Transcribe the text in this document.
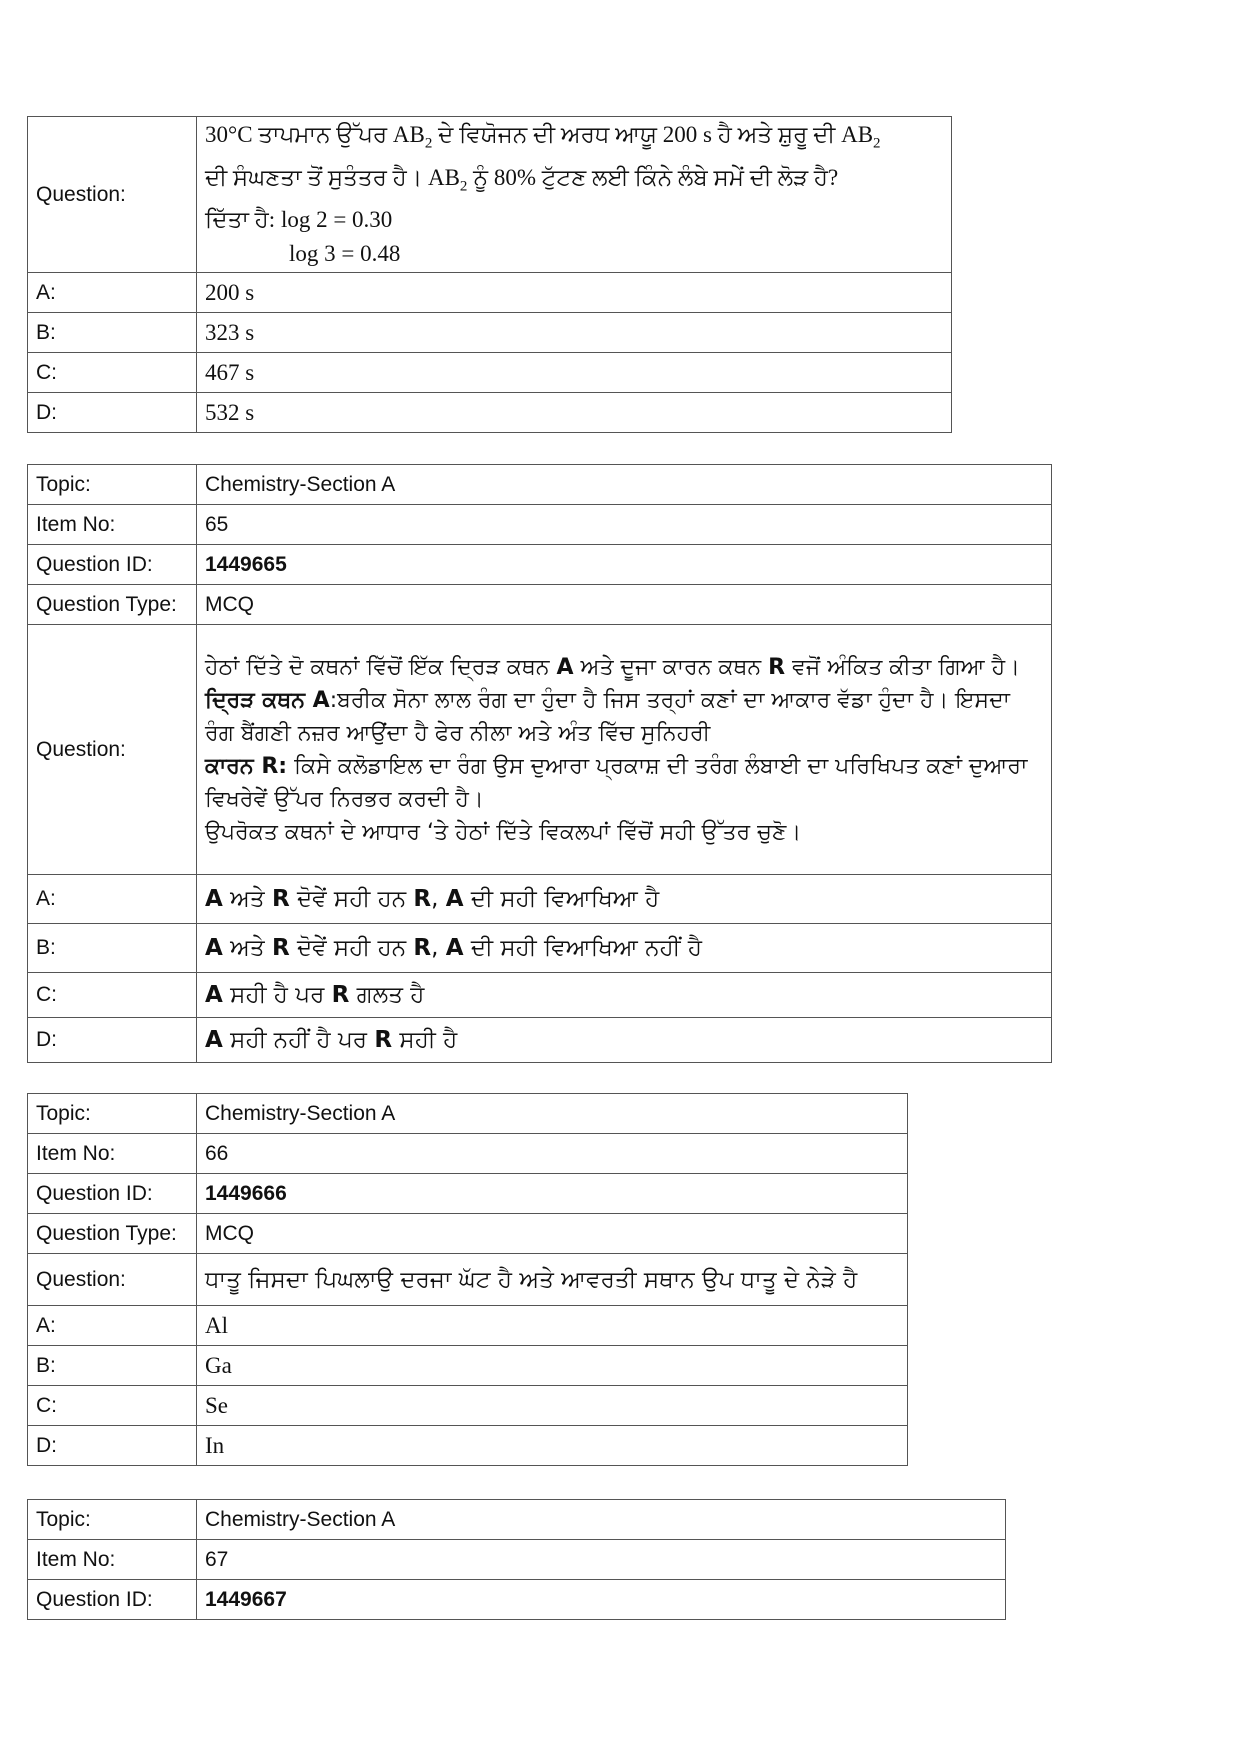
Question:	30°C ਤਾਪਮਾਨ ਉੱਪਰ $AB_2$ ਦੇ ਵਿਯੋਜਨ ਦੀ ਅਰਧ ਆਯੂ 200 s ਹੈ ਅਤੇ ਸ਼ੁਰੂ ਦੀ $AB_2$
ਦੀ ਸੰਘਣਤਾ ਤੋਂ ਸੁਤੰਤਰ ਹੈ। $AB_2$ ਨੂੰ 80% ਟੁੱਟਣ ਲਈ ਕਿੰਨੇ ਲੰਬੇ ਸਮੇਂ ਦੀ ਲੋੜ ਹੈ?
ਦਿੱਤਾ ਹੈ: log 2 = 0.30
log 3 = 0.48
A:	200 s
B:	323 s
C:	467 s
D:	532 s
Topic:	Chemistry-Section A
Item No:	65
Question ID:	1449665
Question Type:	MCQ
Question:	ਹੇਠਾਂ ਦਿੱਤੇ ਦੋ ਕਥਨਾਂ ਵਿੱਚੋਂ ਇੱਕ ਦ੍ਰਿੜ ਕਥਨ A ਅਤੇ ਦੂਜਾ ਕਾਰਨ ਕਥਨ R ਵਜੋਂ ਅੰਕਿਤ ਕੀਤਾ ਗਿਆ ਹੈ।
ਦ੍ਰਿੜ ਕਥਨ A:ਬਰੀਕ ਸੋਨਾ ਲਾਲ ਰੰਗ ਦਾ ਹੁੰਦਾ ਹੈ ਜਿਸ ਤਰ੍ਹਾਂ ਕਣਾਂ ਦਾ ਆਕਾਰ ਵੱਡਾ ਹੁੰਦਾ ਹੈ। ਇਸਦਾ ਰੰਗ ਬੈਂਗਣੀ ਨਜ਼ਰ ਆਉਂਦਾ ਹੈ ਫੇਰ ਨੀਲਾ ਅਤੇ ਅੰਤ ਵਿੱਚ ਸੁਨਿਹਰੀ
ਕਾਰਨ R: ਕਿਸੇ ਕਲੋਡਾਇਲ ਦਾ ਰੰਗ ਉਸ ਦੁਆਰਾ ਪ੍ਰਕਾਸ਼ ਦੀ ਤਰੰਗ ਲੰਬਾਈ ਦਾ ਪਰਿਖਿਪਤ ਕਣਾਂ ਦੁਆਰਾ ਵਿਖਰੇਵੇਂ ਉੱਪਰ ਨਿਰਭਰ ਕਰਦੀ ਹੈ।
ਉਪਰੋਕਤ ਕਥਨਾਂ ਦੇ ਆਧਾਰ ‘ਤੇ ਹੇਠਾਂ ਦਿੱਤੇ ਵਿਕਲਪਾਂ ਵਿੱਚੋਂ ਸਹੀ ਉੱਤਰ ਚੁਣੋ।
A:	A ਅਤੇ R ਦੋਵੇਂ ਸਹੀ ਹਨ R, A ਦੀ ਸਹੀ ਵਿਆਖਿਆ ਹੈ
B:	A ਅਤੇ R ਦੋਵੇਂ ਸਹੀ ਹਨ R, A ਦੀ ਸਹੀ ਵਿਆਖਿਆ ਨਹੀਂ ਹੈ
C:	A ਸਹੀ ਹੈ ਪਰ R ਗਲਤ ਹੈ
D:	A ਸਹੀ ਨਹੀਂ ਹੈ ਪਰ R ਸਹੀ ਹੈ
Topic:	Chemistry-Section A
Item No:	66
Question ID:	1449666
Question Type:	MCQ
Question:	ਧਾਤੂ ਜਿਸਦਾ ਪਿਘਲਾਉ ਦਰਜਾ ਘੱਟ ਹੈ ਅਤੇ ਆਵਰਤੀ ਸਥਾਨ ਉਪ ਧਾਤੂ ਦੇ ਨੇੜੇ ਹੈ
A:	Al
B:	Ga
C:	Se
D:	In
Topic:	Chemistry-Section A
Item No:	67
Question ID:	1449667
